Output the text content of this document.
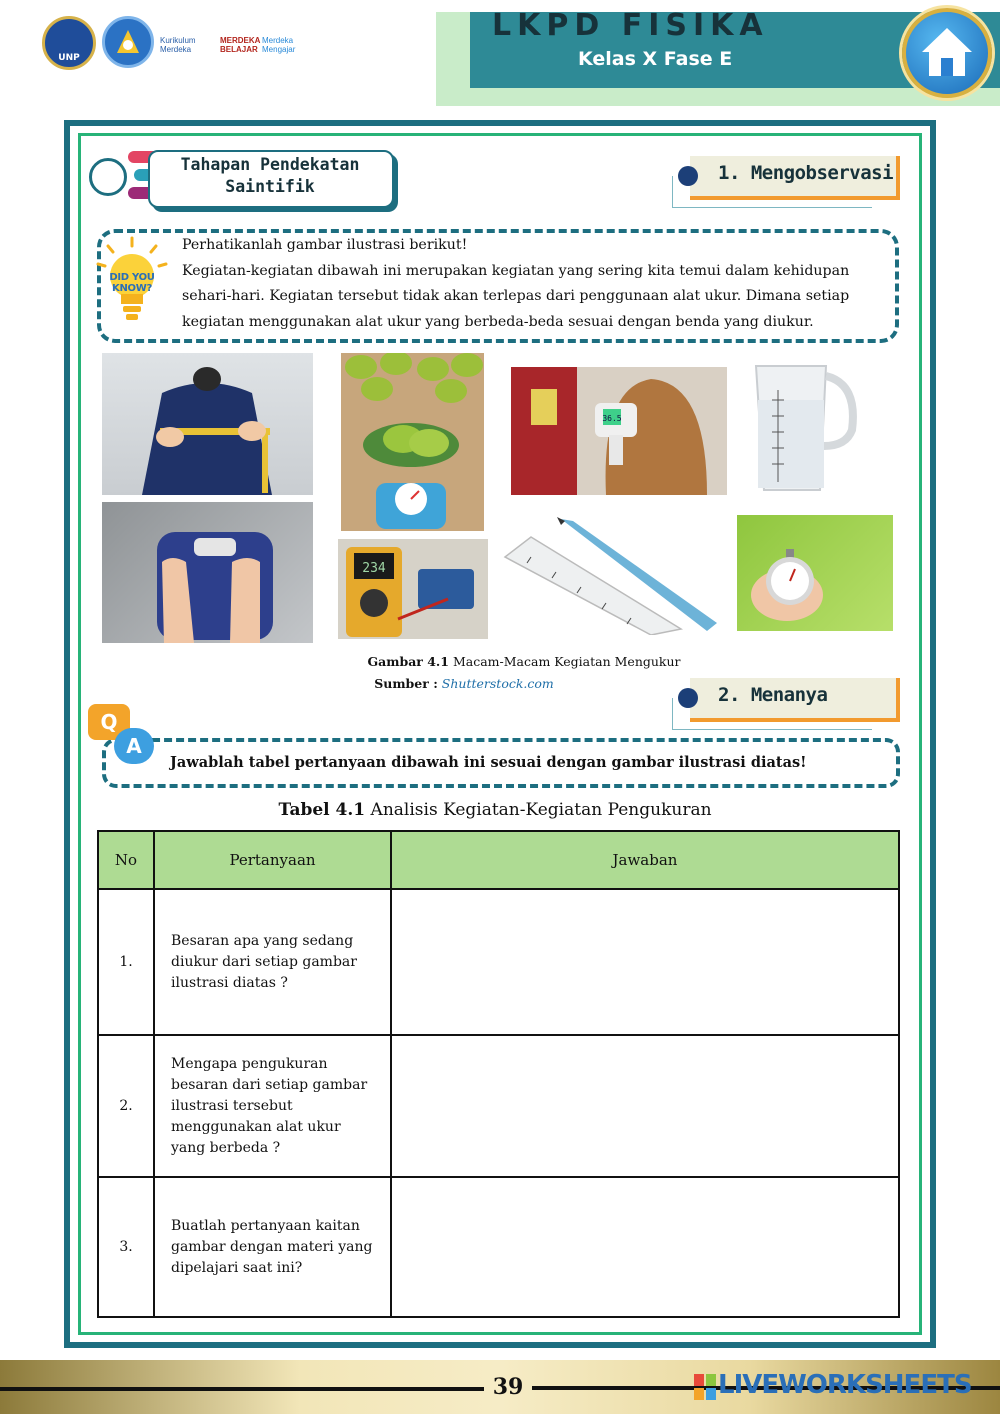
UNP
Kurikulum Merdeka
MERDEKA BELAJAR
Merdeka Mengajar
LKPD FISIKA
Kelas X Fase E
Tahapan Pendekatan Saintifik
1. Mengobservasi
DID YOU KNOW?
Perhatikanlah gambar ilustrasi berikut!
Kegiatan-kegiatan dibawah ini merupakan kegiatan yang sering kita temui dalam kehidupan sehari-hari. Kegiatan tersebut tidak akan terlepas dari penggunaan alat ukur. Dimana setiap kegiatan menggunakan alat ukur yang berbeda-beda sesuai dengan benda yang diukur.
36.5
234
Gambar 4.1 Macam-Macam Kegiatan Mengukur
Sumber : Shutterstock.com
2. Menanya
Q
A
Jawablah tabel pertanyaan dibawah ini sesuai dengan gambar ilustrasi diatas!
Tabel 4.1 Analisis Kegiatan-Kegiatan Pengukuran
No	Pertanyaan	Jawaban
1.	Besaran apa yang sedang diukur dari setiap gambar ilustrasi diatas ?	
2.	Mengapa pengukuran besaran dari setiap gambar ilustrasi tersebut menggunakan alat ukur yang berbeda ?	
3.	Buatlah pertanyaan kaitan gambar dengan materi yang dipelajari saat ini?	
39	LIVEWORKSHEETS
